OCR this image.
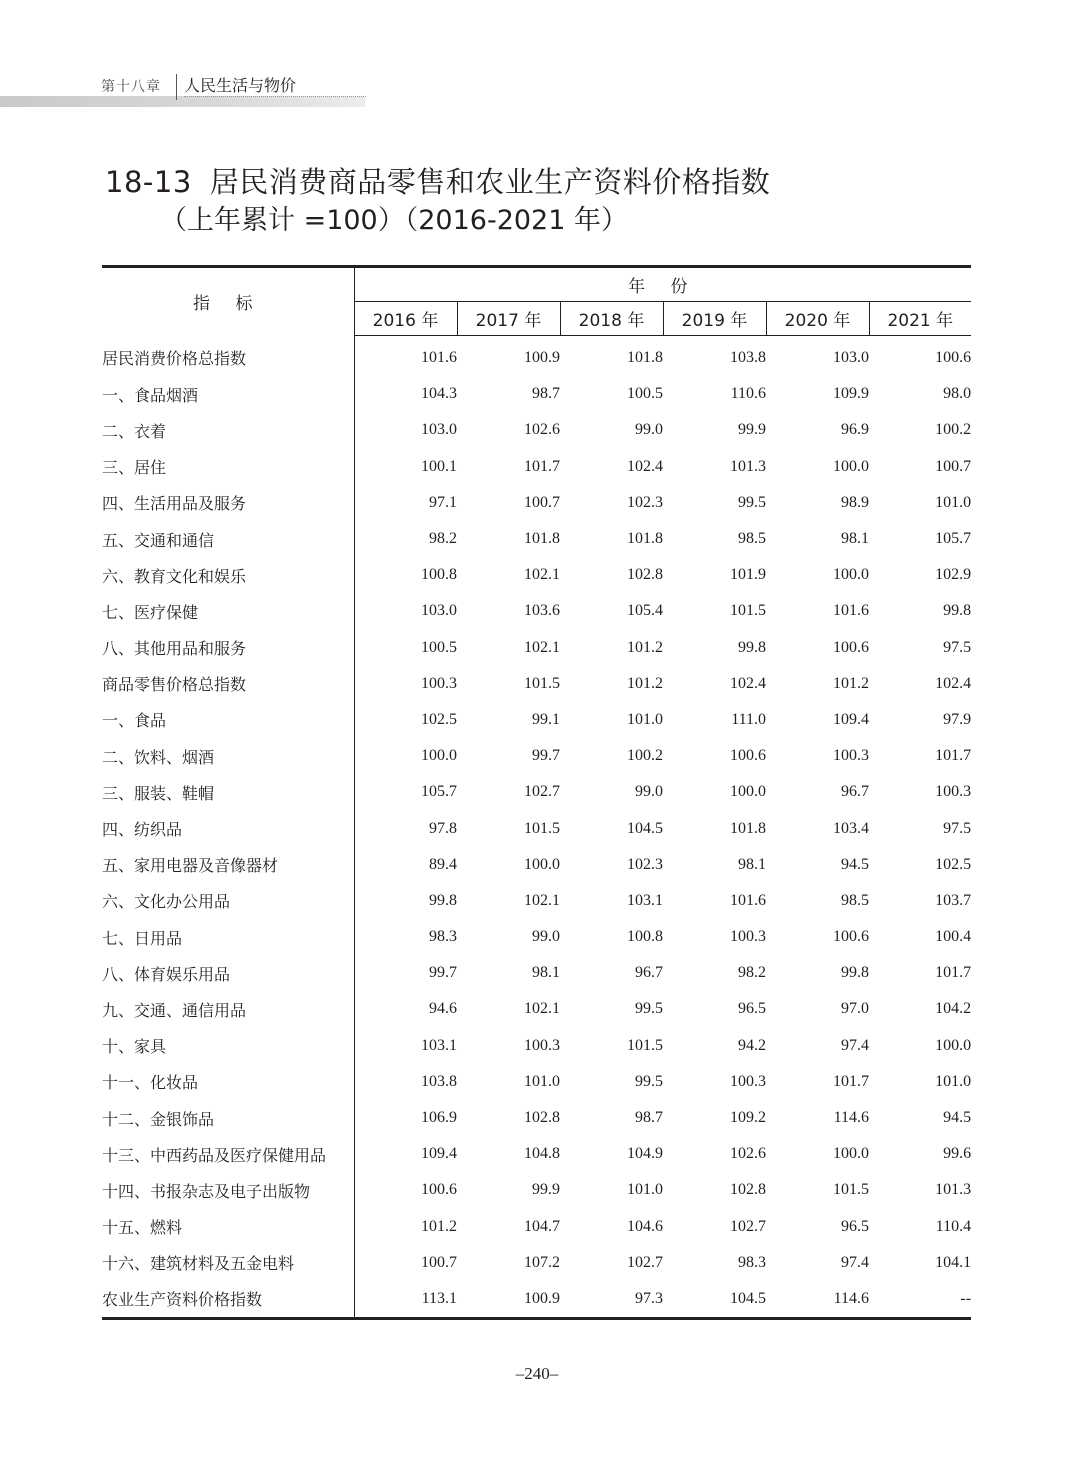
第十八章	人民生活与物价
18-13 居民消费商品零售和农业生产资料价格指数
（上年累计 =100）（2016-2021 年）
指 标	年 份					
	2016 年	2017 年	2018 年	2019 年	2020 年	2021 年
居民消费价格总指数	101.6	100.9	101.8	103.8	103.0	100.6
一、食品烟酒	104.3	98.7	100.5	110.6	109.9	98.0
二、衣着	103.0	102.6	99.0	99.9	96.9	100.2
三、居住	100.1	101.7	102.4	101.3	100.0	100.7
四、生活用品及服务	97.1	100.7	102.3	99.5	98.9	101.0
五、交通和通信	98.2	101.8	101.8	98.5	98.1	105.7
六、教育文化和娱乐	100.8	102.1	102.8	101.9	100.0	102.9
七、医疗保健	103.0	103.6	105.4	101.5	101.6	99.8
八、其他用品和服务	100.5	102.1	101.2	99.8	100.6	97.5
商品零售价格总指数	100.3	101.5	101.2	102.4	101.2	102.4
一、食品	102.5	99.1	101.0	111.0	109.4	97.9
二、饮料、烟酒	100.0	99.7	100.2	100.6	100.3	101.7
三、服装、鞋帽	105.7	102.7	99.0	100.0	96.7	100.3
四、纺织品	97.8	101.5	104.5	101.8	103.4	97.5
五、家用电器及音像器材	89.4	100.0	102.3	98.1	94.5	102.5
六、文化办公用品	99.8	102.1	103.1	101.6	98.5	103.7
七、日用品	98.3	99.0	100.8	100.3	100.6	100.4
八、体育娱乐用品	99.7	98.1	96.7	98.2	99.8	101.7
九、交通、通信用品	94.6	102.1	99.5	96.5	97.0	104.2
十、家具	103.1	100.3	101.5	94.2	97.4	100.0
十一、化妆品	103.8	101.0	99.5	100.3	101.7	101.0
十二、金银饰品	106.9	102.8	98.7	109.2	114.6	94.5
十三、中西药品及医疗保健用品	109.4	104.8	104.9	102.6	100.0	99.6
十四、书报杂志及电子出版物	100.6	99.9	101.0	102.8	101.5	101.3
十五、燃料	101.2	104.7	104.6	102.7	96.5	110.4
十六、建筑材料及五金电料	100.7	107.2	102.7	98.3	97.4	104.1
农业生产资料价格指数	113.1	100.9	97.3	104.5	114.6	--
–240–
